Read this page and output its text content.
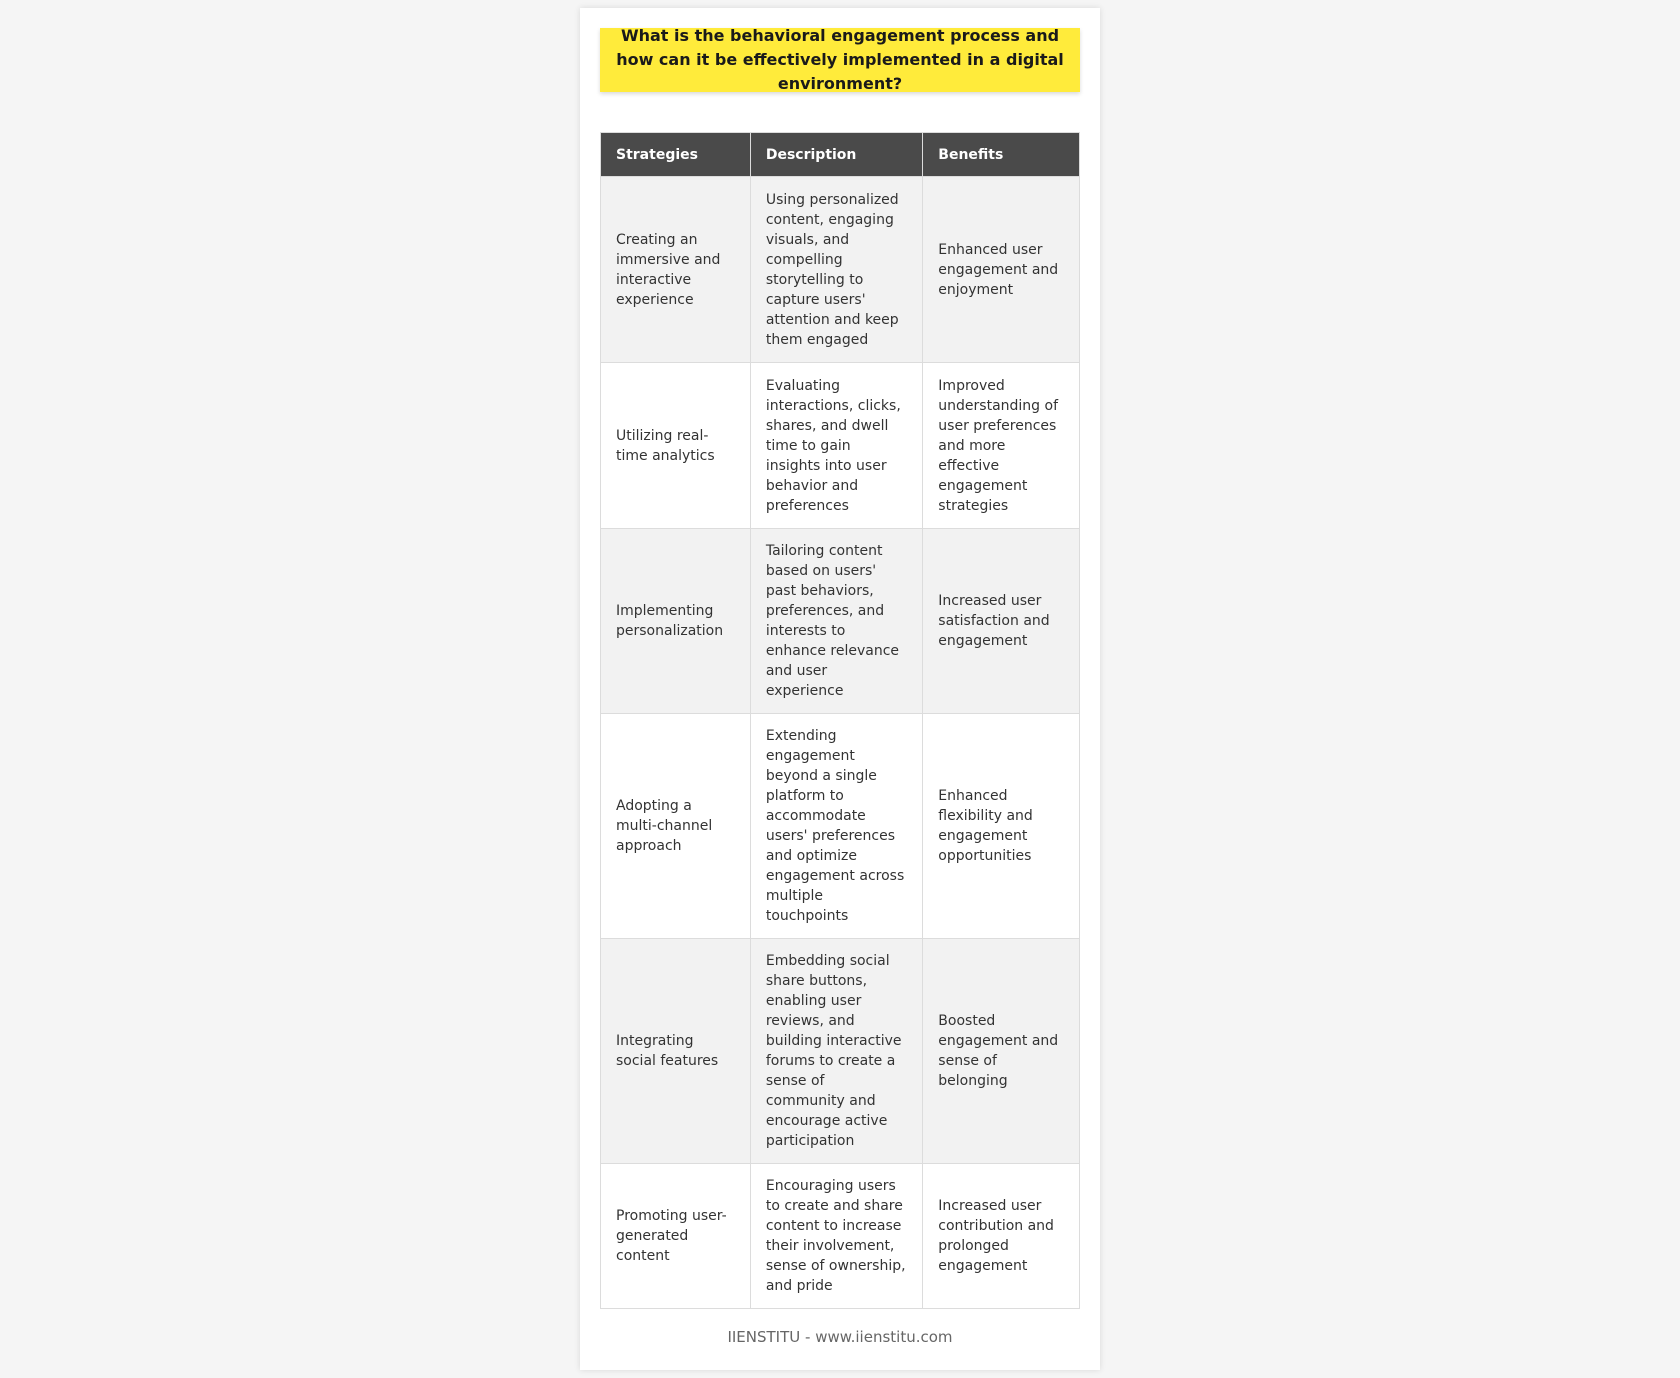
What is the behavioral engagement process and how can it be effectively implemented in a digital environment?
Strategies	Description	Benefits
Creating an immersive and interactive experience	Using personalized content, engaging visuals, and compelling storytelling to capture users' attention and keep them engaged	Enhanced user engagement and enjoyment
Utilizing real-time analytics	Evaluating interactions, clicks, shares, and dwell time to gain insights into user behavior and preferences	Improved understanding of user preferences and more effective engagement strategies
Implementing personalization	Tailoring content based on users' past behaviors, preferences, and interests to enhance relevance and user experience	Increased user satisfaction and engagement
Adopting a multi-channel approach	Extending engagement beyond a single platform to accommodate users' preferences and optimize engagement across multiple touchpoints	Enhanced flexibility and engagement opportunities
Integrating social features	Embedding social share buttons, enabling user reviews, and building interactive forums to create a sense of community and encourage active participation	Boosted engagement and sense of belonging
Promoting user-generated content	Encouraging users to create and share content to increase their involvement, sense of ownership, and pride	Increased user contribution and prolonged engagement
IIENSTITU - www.iienstitu.com
